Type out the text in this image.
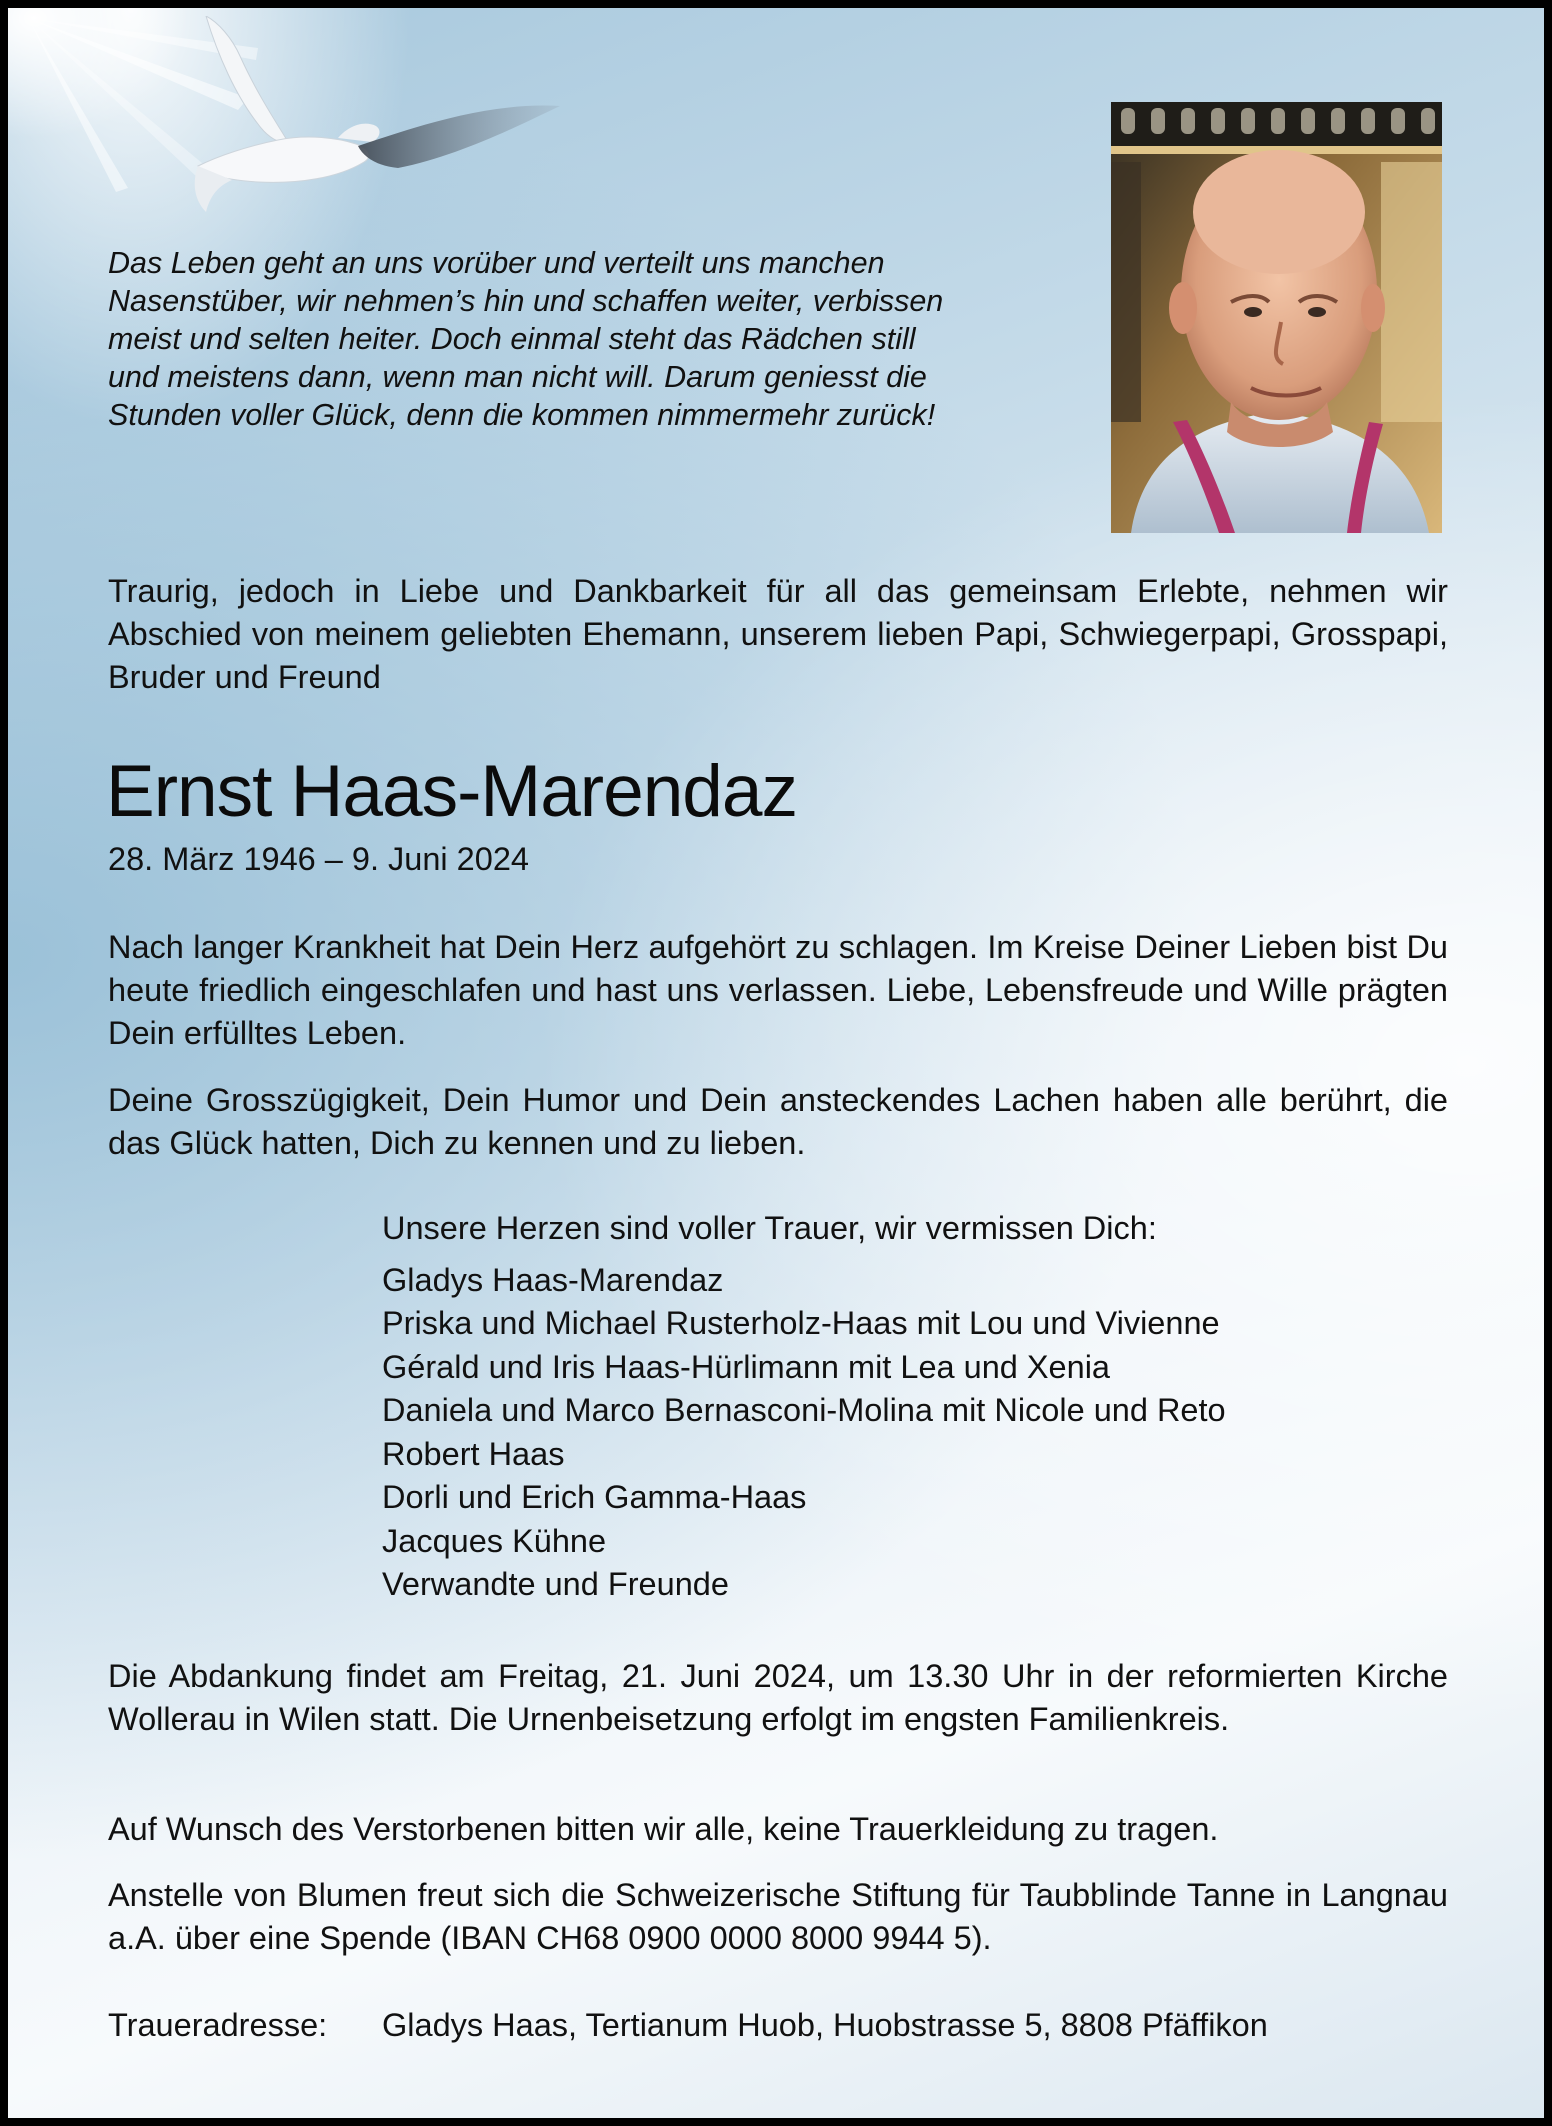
Das Leben geht an uns vorüber und verteilt uns manchen
Nasenstüber, wir nehmen’s hin und schaffen weiter, verbissen
meist und selten heiter. Doch einmal steht das Rädchen still
und meistens dann, wenn man nicht will. Darum geniesst die
Stunden voller Glück, denn die kommen nimmermehr zurück!
Traurig, jedoch in Liebe und Dankbarkeit für all das gemeinsam Erlebte, nehmen wir Abschied von meinem geliebten Ehemann, unserem lieben Papi, Schwiegerpapi, Grosspapi, Bruder und Freund
Ernst Haas-Marendaz
28. März 1946 – 9. Juni 2024
Nach langer Krankheit hat Dein Herz aufgehört zu schlagen. Im Kreise Deiner Lieben bist Du heute friedlich eingeschlafen und hast uns verlassen. Liebe, Lebensfreude und Wille prägten Dein erfülltes Leben.
Deine Grosszügigkeit, Dein Humor und Dein ansteckendes Lachen haben alle berührt, die das Glück hatten, Dich zu kennen und zu lieben.
Unsere Herzen sind voller Trauer, wir vermissen Dich:
Gladys Haas-Marendaz
Priska und Michael Rusterholz-Haas mit Lou und Vivienne
Gérald und Iris Haas-Hürlimann mit Lea und Xenia
Daniela und Marco Bernasconi-Molina mit Nicole und Reto
Robert Haas
Dorli und Erich Gamma-Haas
Jacques Kühne
Verwandte und Freunde
Die Abdankung findet am Freitag, 21. Juni 2024, um 13.30 Uhr in der reformierten Kirche Wollerau in Wilen statt. Die Urnenbeisetzung erfolgt im engsten Familienkreis.
Auf Wunsch des Verstorbenen bitten wir alle, keine Trauerkleidung zu tragen.
Anstelle von Blumen freut sich die Schweizerische Stiftung für Taubblinde Tanne in Langnau a.A. über eine Spende (IBAN CH68 0900 0000 8000 9944 5).
Traueradresse: Gladys Haas, Tertianum Huob, Huobstrasse 5, 8808 Pfäffikon
